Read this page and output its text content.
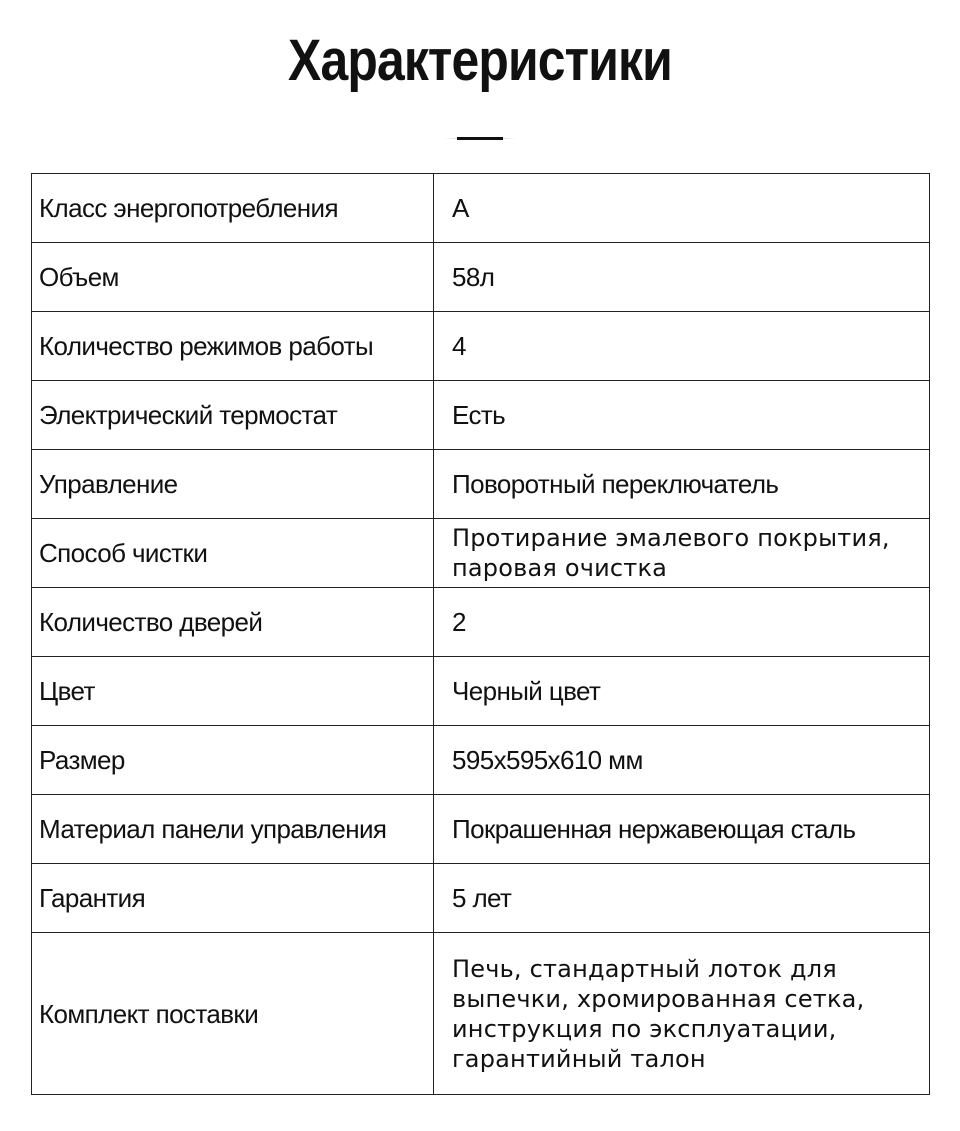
Характеристики
Класс энергопотребления	A
Объем	58л
Количество режимов работы	4
Электрический термостат	Есть
Управление	Поворотный переключатель
Способ чистки	Протирание эмалевого покрытия, паровая очистка
Количество дверей	2
Цвет	Черный цвет
Размер	595x595x610 мм
Материал панели управления	Покрашенная нержавеющая сталь
Гарантия	5 лет
Комплект поставки	Печь, стандартный лоток для выпечки, хромированная сетка, инструкция по эксплуатации, гарантийный талон
